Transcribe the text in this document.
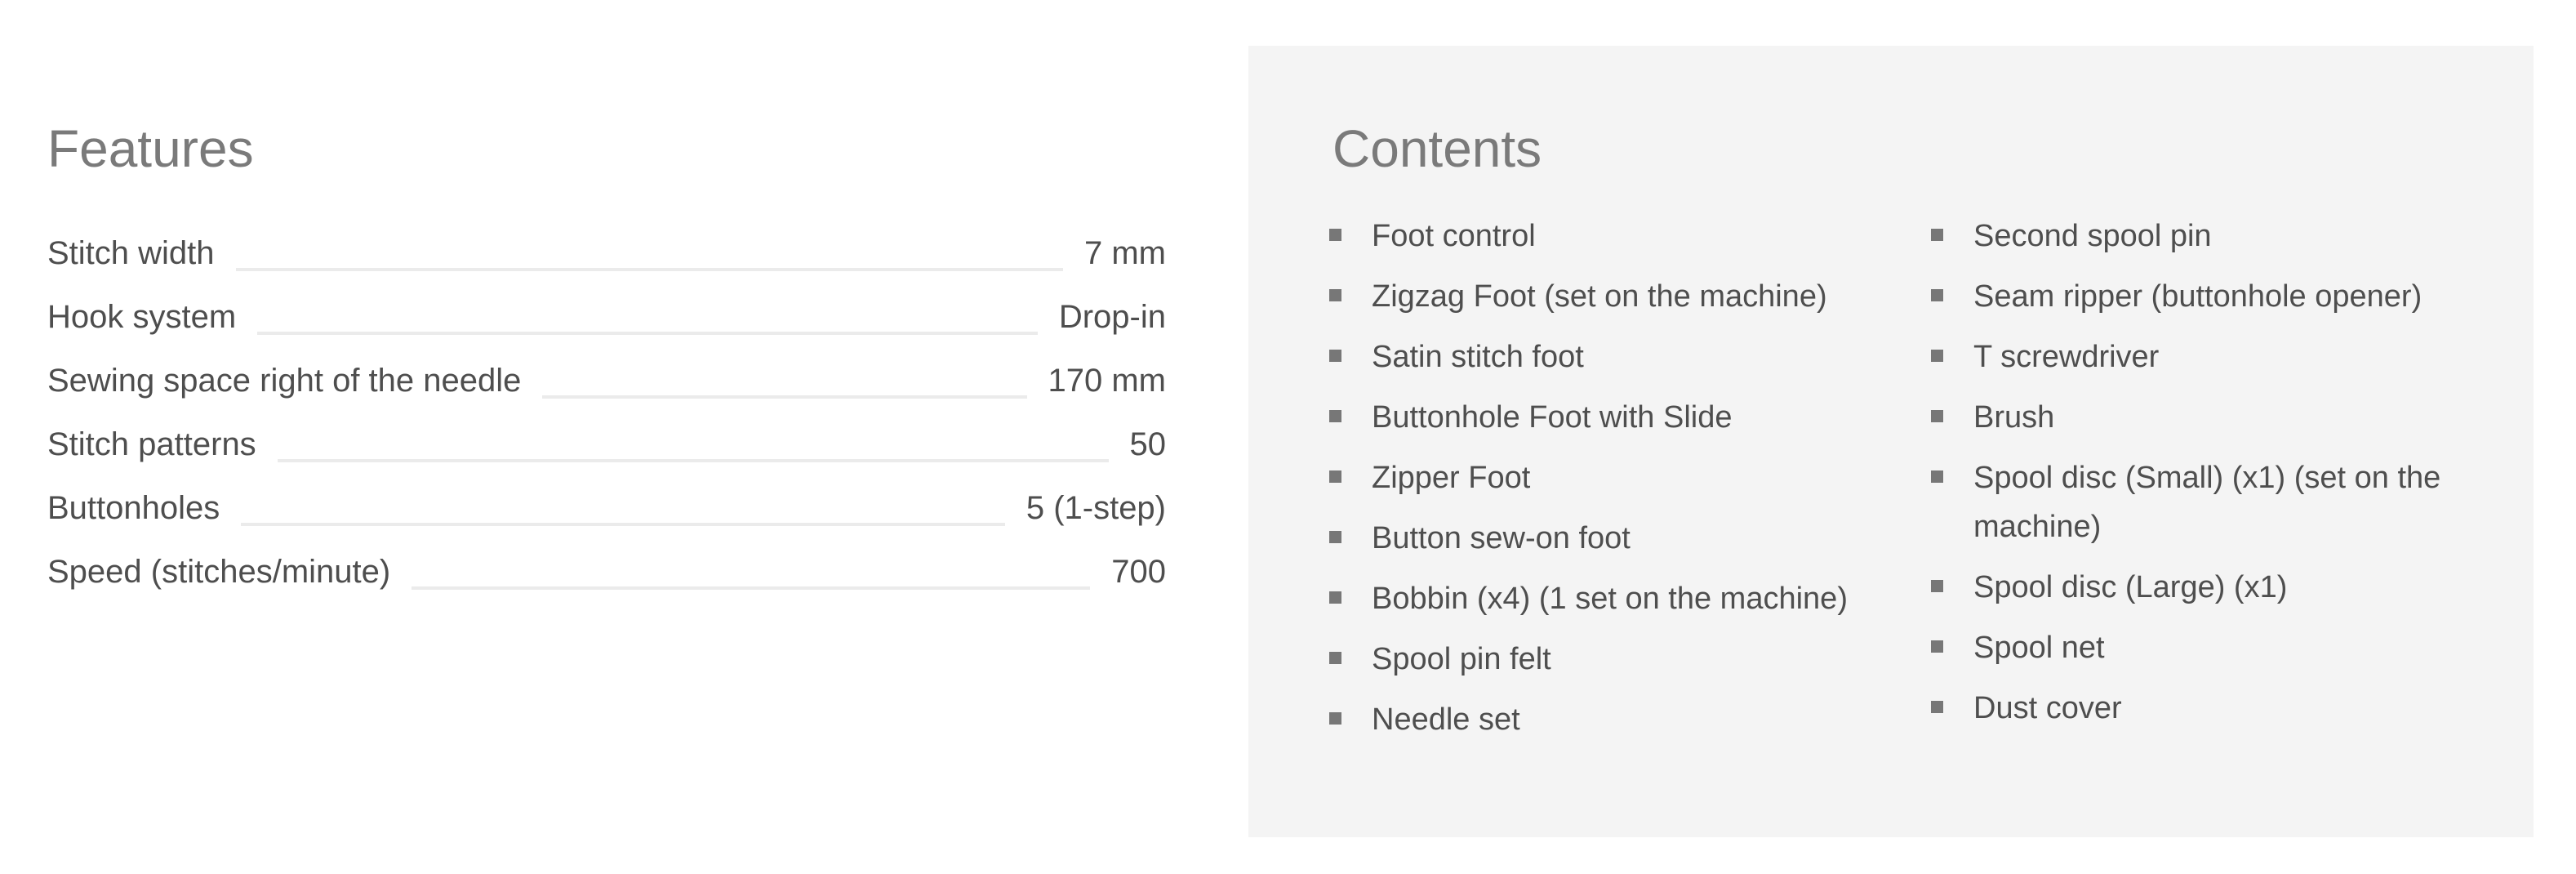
Features
Stitch width	7 mm
Hook system	Drop-in
Sewing space right of the needle	170 mm
Stitch patterns	50
Buttonholes	5 (1-step)
Speed (stitches/minute)	700
Contents
Foot control
Zigzag Foot (set on the machine)
Satin stitch foot
Buttonhole Foot with Slide
Zipper Foot
Button sew-on foot
Bobbin (x4) (1 set on the machine)
Spool pin felt
Needle set
Second spool pin
Seam ripper (buttonhole opener)
T screwdriver
Brush
Spool disc (Small) (x1) (set on the machine)
Spool disc (Large) (x1)
Spool net
Dust cover
